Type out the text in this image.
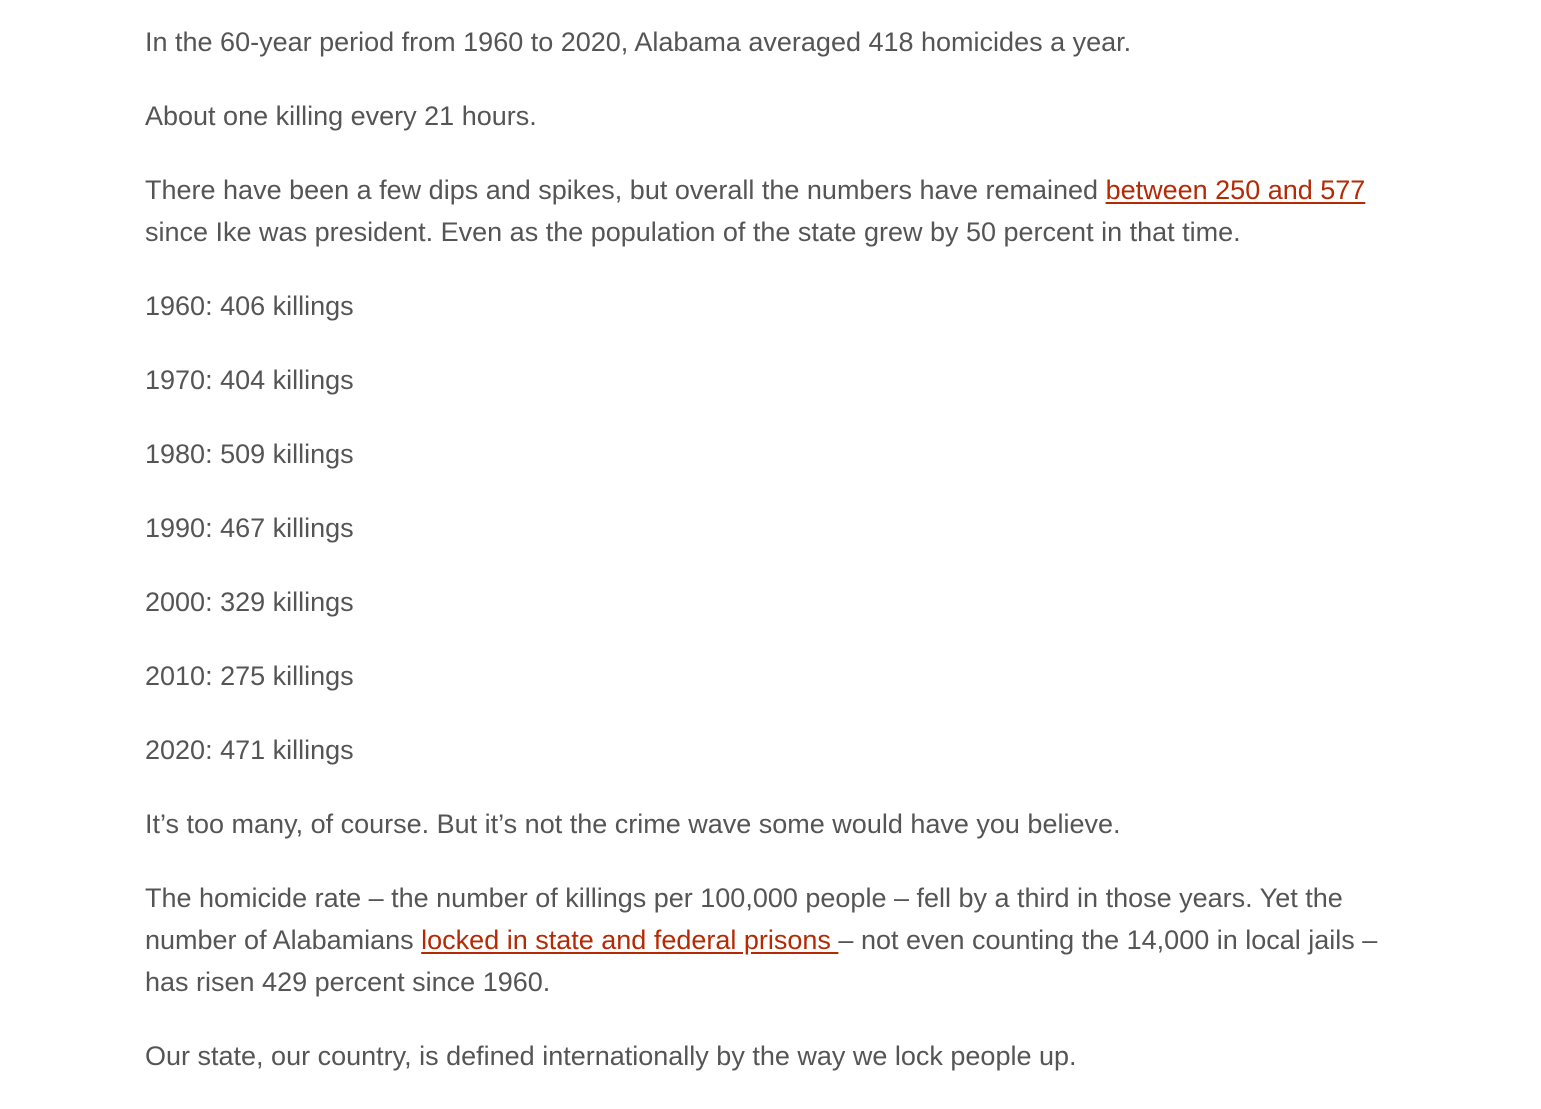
In the 60-year period from 1960 to 2020, Alabama averaged 418 homicides a year.

About one killing every 21 hours.

There have been a few dips and spikes, but overall the numbers have remained between 250 and 577 since Ike was president. Even as the population of the state grew by 50 percent in that time.

1960: 406 killings

1970: 404 killings

1980: 509 killings

1990: 467 killings

2000: 329 killings

2010: 275 killings

2020: 471 killings

It’s too many, of course. But it’s not the crime wave some would have you believe.

The homicide rate – the number of killings per 100,000 people – fell by a third in those years. Yet the number of Alabamians locked in state and federal prisons – not even counting the 14,000 in local jails – has risen 429 percent since 1960.

Our state, our country, is defined internationally by the way we lock people up.
